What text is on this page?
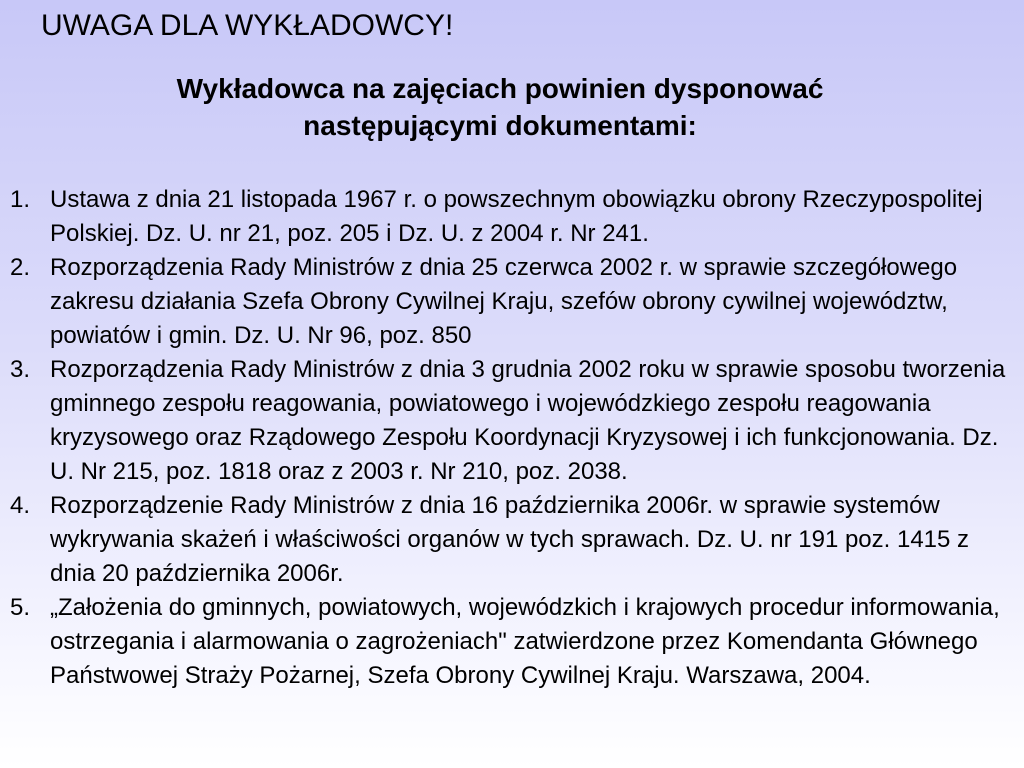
UWAGA DLA WYKŁADOWCY!
Wykładowca na zajęciach powinien dysponować
następującymi dokumentami:
1. Ustawa z dnia 21 listopada 1967 r. o powszechnym obowiązku obrony Rzeczypospolitej Polskiej. Dz. U. nr 21, poz. 205 i Dz. U. z 2004 r. Nr 241.
2. Rozporządzenia Rady Ministrów z dnia 25 czerwca 2002 r. w sprawie szczegółowego zakresu działania Szefa Obrony Cywilnej Kraju, szefów obrony cywilnej województw, powiatów i gmin. Dz. U. Nr 96, poz. 850
3. Rozporządzenia Rady Ministrów z dnia 3 grudnia 2002 roku w sprawie sposobu tworzenia gminnego zespołu reagowania, powiatowego i wojewódzkiego zespołu reagowania kryzysowego oraz Rządowego Zespołu Koordynacji Kryzysowej i ich funkcjonowania. Dz. U. Nr 215, poz. 1818 oraz z 2003 r. Nr 210, poz. 2038.
4. Rozporządzenie Rady Ministrów z dnia 16 października 2006r. w sprawie systemów wykrywania skażeń i właściwości organów w tych sprawach. Dz. U. nr 191 poz. 1415 z dnia 20 października 2006r.
5. „Założenia do gminnych, powiatowych, wojewódzkich i krajowych procedur informowania, ostrzegania i alarmowania o zagrożeniach" zatwierdzone przez Komendanta Głównego Państwowej Straży Pożarnej, Szefa Obrony Cywilnej Kraju. Warszawa, 2004.
